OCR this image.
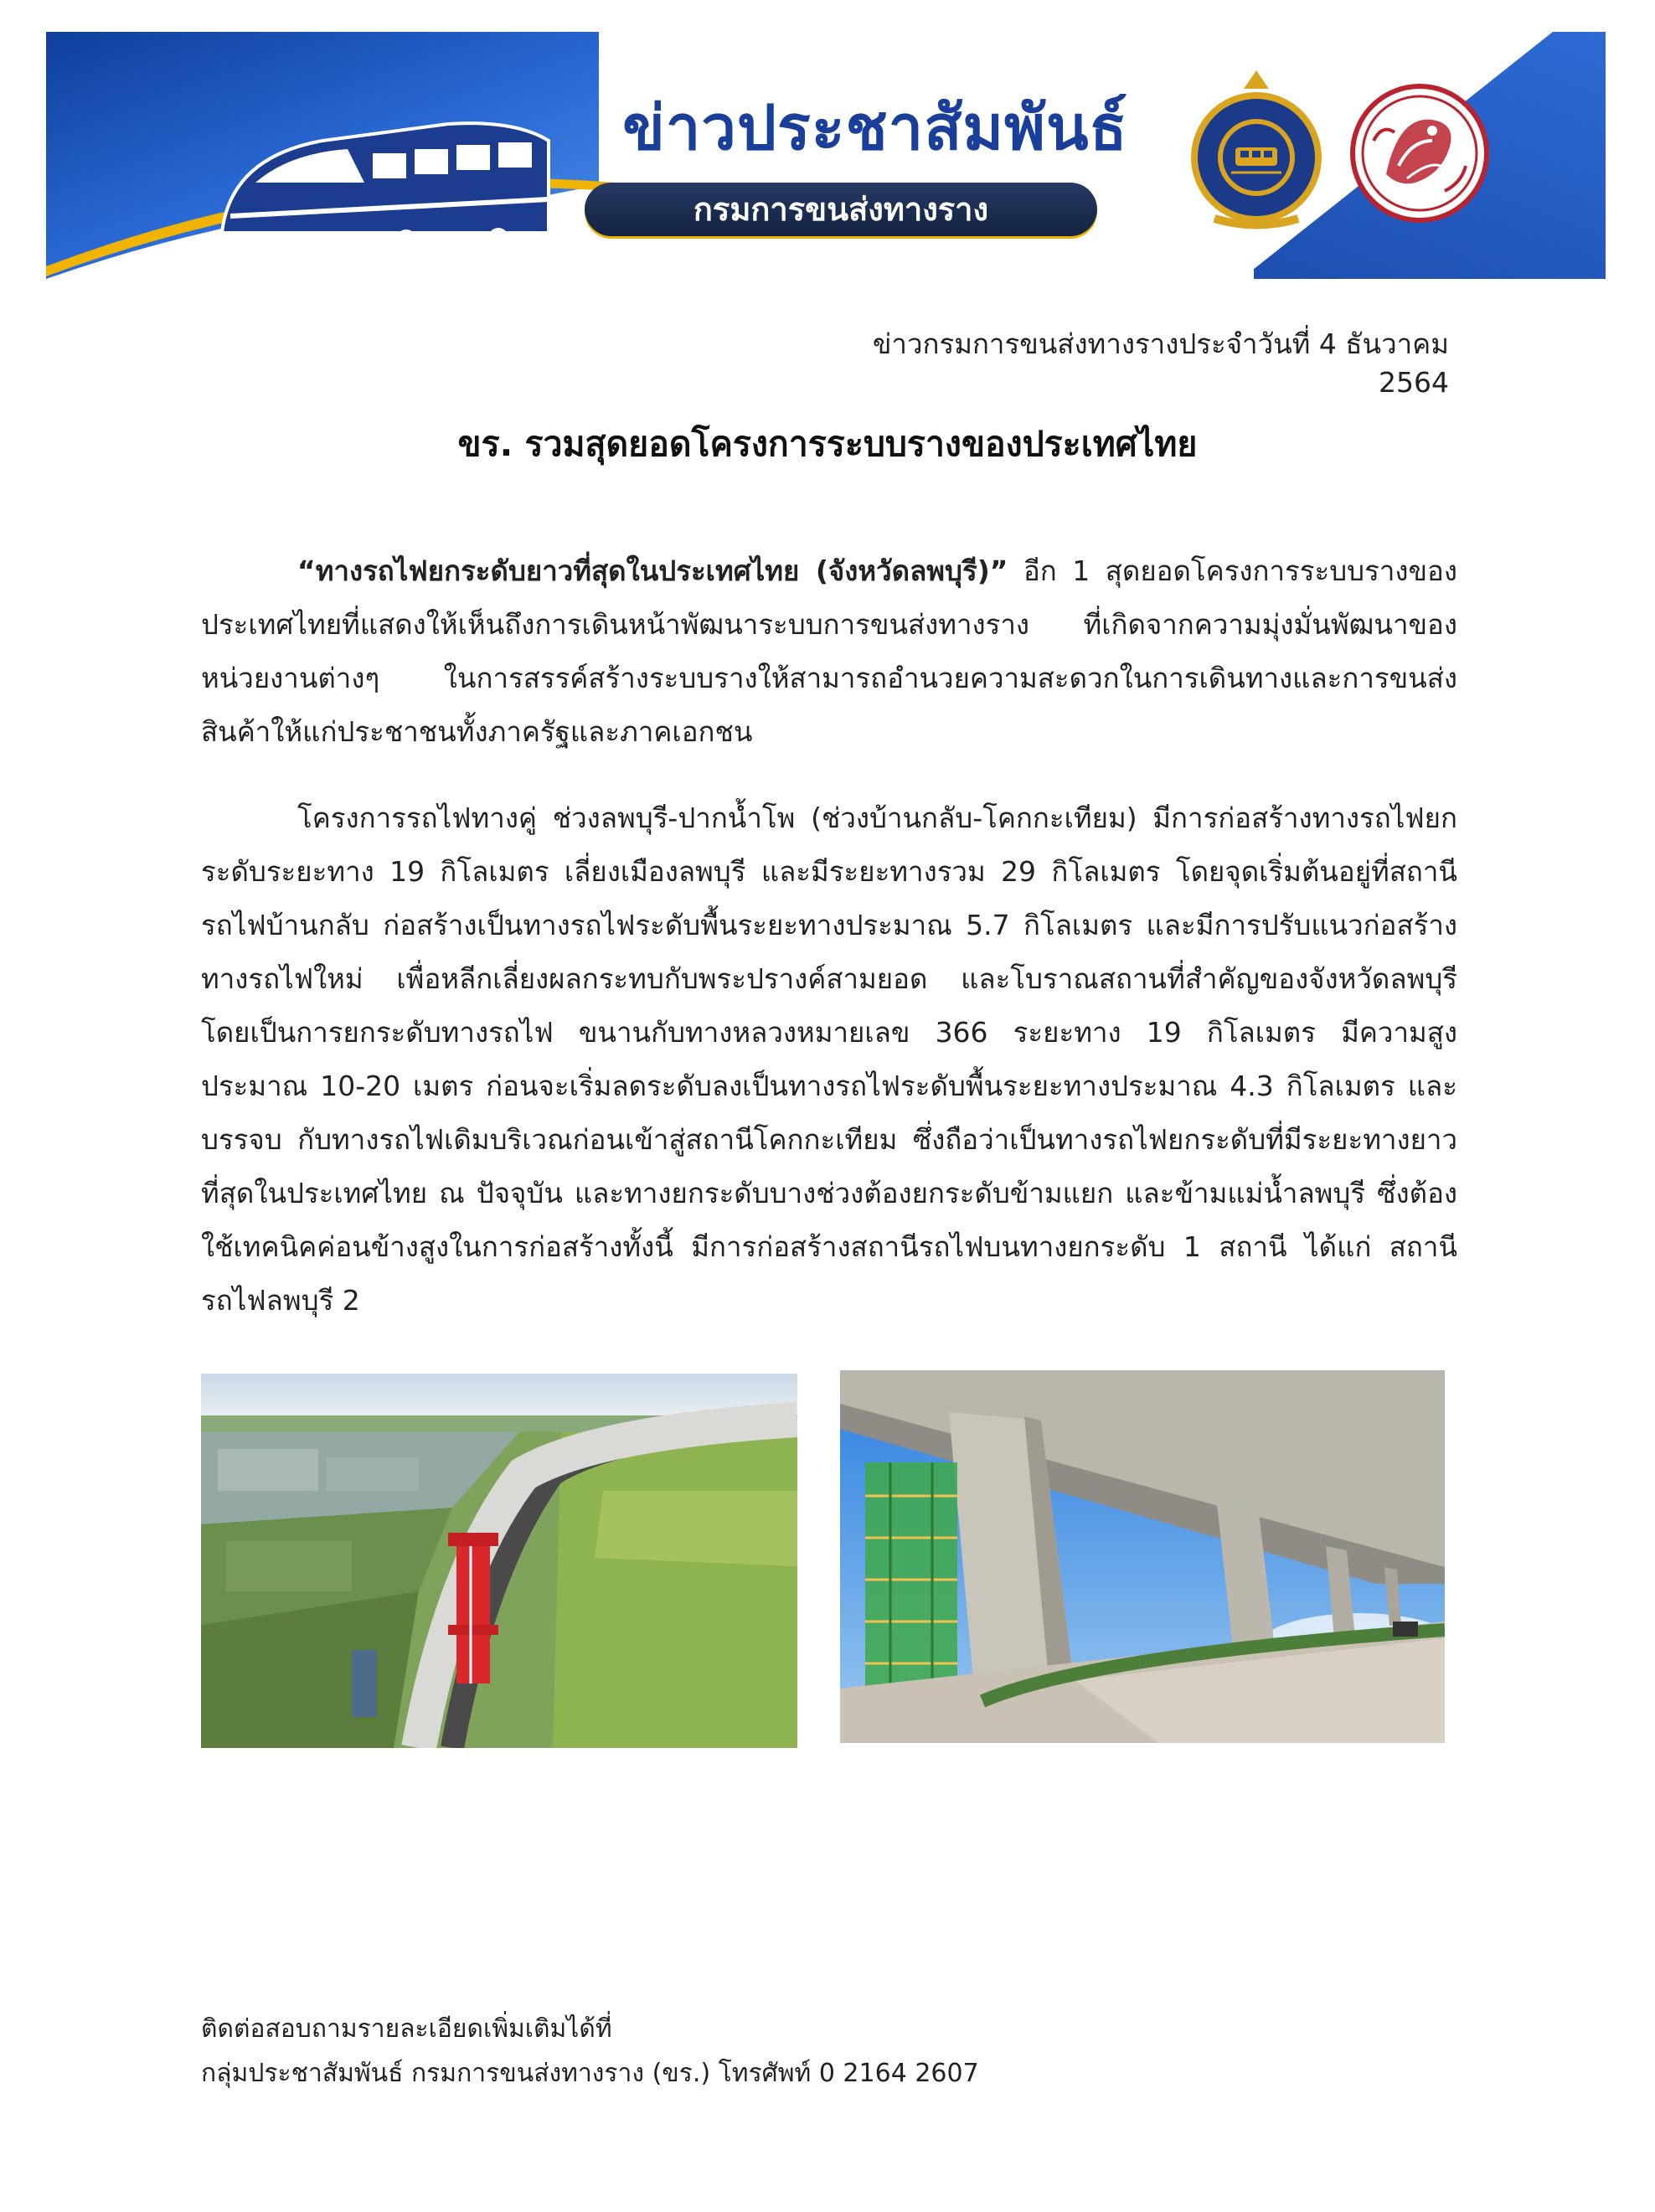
ข่าวประชาสัมพันธ์
กรมการขนส่งทางราง
ข่าวกรมการขนส่งทางรางประจำวันที่ 4 ธันวาคม 2564
ขร. รวมสุดยอดโครงการระบบรางของประเทศไทย
“ทางรถไฟยกระดับยาวที่สุดในประเทศไทย (จังหวัดลพบุรี)” อีก 1 สุดยอดโครงการระบบรางของประเทศไทยที่แสดงให้เห็นถึงการเดินหน้าพัฒนาระบบการขนส่งทางราง ที่เกิดจากความมุ่งมั่นพัฒนาของหน่วยงานต่างๆ ในการสรรค์สร้างระบบรางให้สามารถอำนวยความสะดวกในการเดินทางและการขนส่งสินค้าให้แก่ประชาชนทั้งภาครัฐและภาคเอกชน
โครงการรถไฟทางคู่ ช่วงลพบุรี-ปากน้ำโพ (ช่วงบ้านกลับ-โคกกะเทียม) มีการก่อสร้างทางรถไฟยกระดับระยะทาง 19 กิโลเมตร เลี่ยงเมืองลพบุรี และมีระยะทางรวม 29 กิโลเมตร โดยจุดเริ่มต้นอยู่ที่สถานีรถไฟบ้านกลับ ก่อสร้างเป็นทางรถไฟระดับพื้นระยะทางประมาณ 5.7 กิโลเมตร และมีการปรับแนวก่อสร้างทางรถไฟใหม่ เพื่อหลีกเลี่ยงผลกระทบกับพระปรางค์สามยอด และโบราณสถานที่สำคัญของจังหวัดลพบุรี โดยเป็นการยกระดับทางรถไฟ ขนานกับทางหลวงหมายเลข 366 ระยะทาง 19 กิโลเมตร มีความสูงประมาณ 10-20 เมตร ก่อนจะเริ่มลดระดับลงเป็นทางรถไฟระดับพื้นระยะทางประมาณ 4.3 กิโลเมตร และบรรจบ กับทางรถไฟเดิมบริเวณก่อนเข้าสู่สถานีโคกกะเทียม ซึ่งถือว่าเป็นทางรถไฟยกระดับที่มีระยะทางยาวที่สุดในประเทศไทย ณ ปัจจุบัน และทางยกระดับบางช่วงต้องยกระดับข้ามแยก และข้ามแม่น้ำลพบุรี ซึ่งต้องใช้เทคนิคค่อนข้างสูงในการก่อสร้างทั้งนี้ มีการก่อสร้างสถานีรถไฟบนทางยกระดับ 1 สถานี ได้แก่ สถานีรถไฟลพบุรี 2
ติดต่อสอบถามรายละเอียดเพิ่มเติมได้ที่
กลุ่มประชาสัมพันธ์ กรมการขนส่งทางราง (ขร.) โทรศัพท์ 0 2164 2607
